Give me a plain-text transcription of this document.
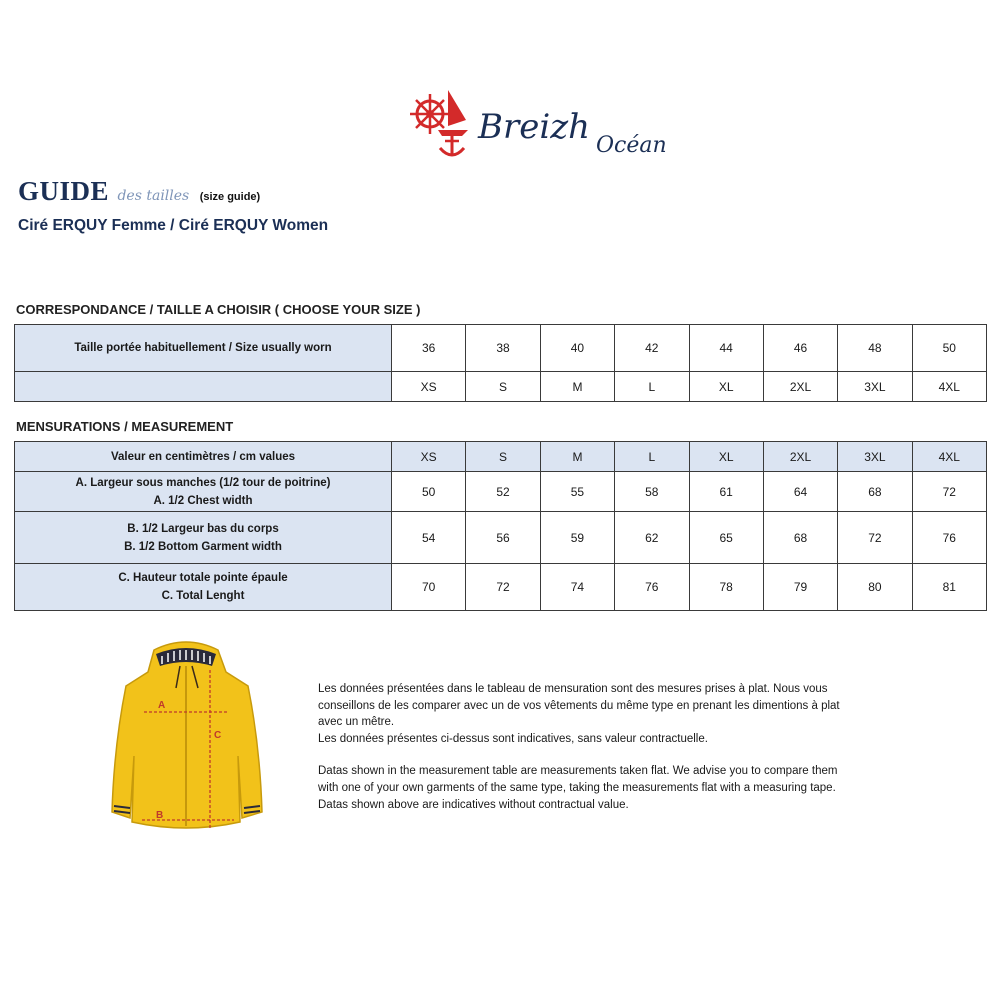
Breizh Océan
GUIDE des tailles (size guide)
Ciré ERQUY Femme / Ciré ERQUY Women
CORRESPONDANCE / TAILLE A CHOISIR ( CHOOSE YOUR SIZE )
Taille portée habituellement / Size usually worn	36	38	40	42	44	46	48	50
	XS	S	M	L	XL	2XL	3XL	4XL
MENSURATIONS / MEASUREMENT
Valeur en centimètres / cm values	XS	S	M	L	XL	2XL	3XL	4XL

A. Largeur sous manches (1/2 tour de poitrine)
A. 1/2 Chest width	50	52	55	58	61	64	68	72

B. 1/2 Largeur bas du corps
B. 1/2 Bottom Garment width	54	56	59	62	65	68	72	76

C. Hauteur totale pointe épaule
C. Total Lenght	70	72	74	76	78	79	80	81
A
B
C

Les données présentées dans le tableau de mensuration sont des mesures prises à plat. Nous vous

conseillons de les comparer avec un de vos vêtements du même type en prenant les dimentions à plat

avec un mêtre.

Les données présentes ci-dessus sont indicatives, sans valeur contractuelle.

Datas shown in the measurement table are measurements taken flat. We advise you to compare them

with one of your own garments of the same type, taking the measurements flat with a measuring tape.

Datas shown above are indicatives without contractual value.
